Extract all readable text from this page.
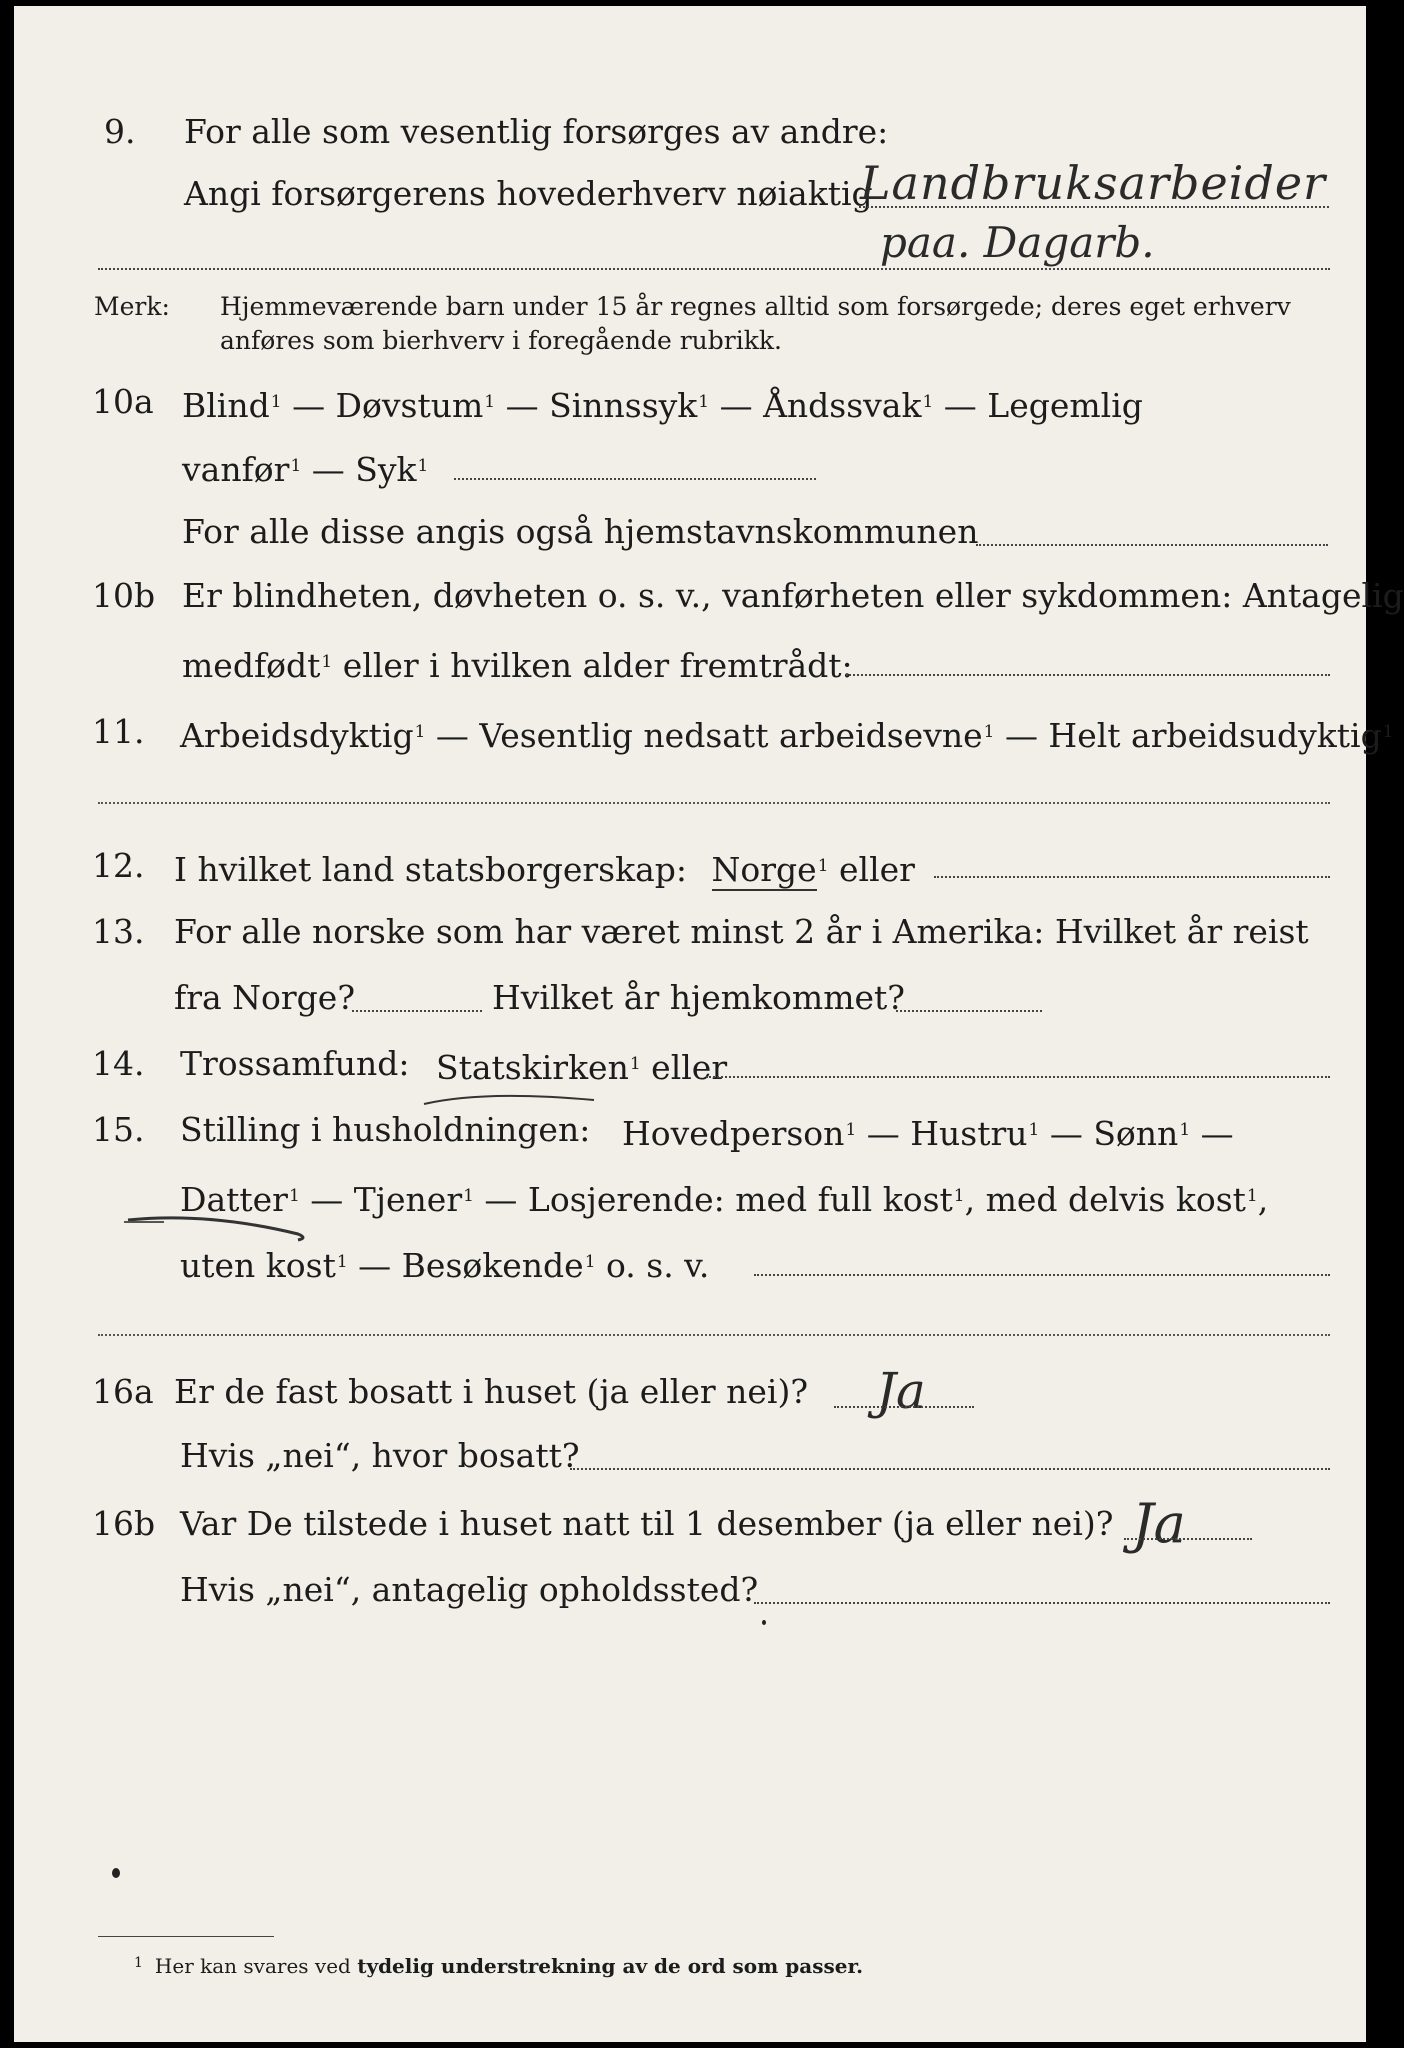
9. For alle som vesentlig forsørges av andre:
Angi forsørgerens hovederhverv nøiaktig
Landbruksarbeider
paa. Dagarb.
Merk: Hjemmeværende barn under 15 år regnes alltid som forsørgede; deres eget erhverv
anføres som bierhverv i foregående rubrikk.
10a Blind$^1$ — Døvstum$^1$ — Sinnssyk$^1$ — Åndssvak$^1$ — Legemlig
vanfør$^1$ — Syk$^1$
For alle disse angis også hjemstavnskommunen
10b Er blindheten, døvheten o. s. v., vanførheten eller sykdommen: Antagelig
medfødt$^1$ eller i hvilken alder fremtrådt:
11. Arbeidsdyktig$^1$ — Vesentlig nedsatt arbeidsevne$^1$ — Helt arbeidsudyktig$^1$
12. I hvilket land statsborgerskap: Norge$^1$ eller
13. For alle norske som har været minst 2 år i Amerika: Hvilket år reist
fra Norge?	Hvilket år hjemkommet?
14. Trossamfund: Statskirken$^1$ eller
15. Stilling i husholdningen: Hovedperson$^1$ — Hustru$^1$ — Sønn$^1$ —
Datter$^1$ — Tjener$^1$ — Losjerende: med full kost$^1$, med delvis kost$^1$,
uten kost$^1$ — Besøkende$^1$ o. s. v.
16a Er de fast bosatt i huset (ja eller nei)? Ja
Hvis „nei“, hvor bosatt?
16b Var De tilstede i huset natt til 1 desember (ja eller nei)? Ja
Hvis „nei“, antagelig opholdssted?
$^1$ Her kan svares ved tydelig understrekning av de ord som passer.
